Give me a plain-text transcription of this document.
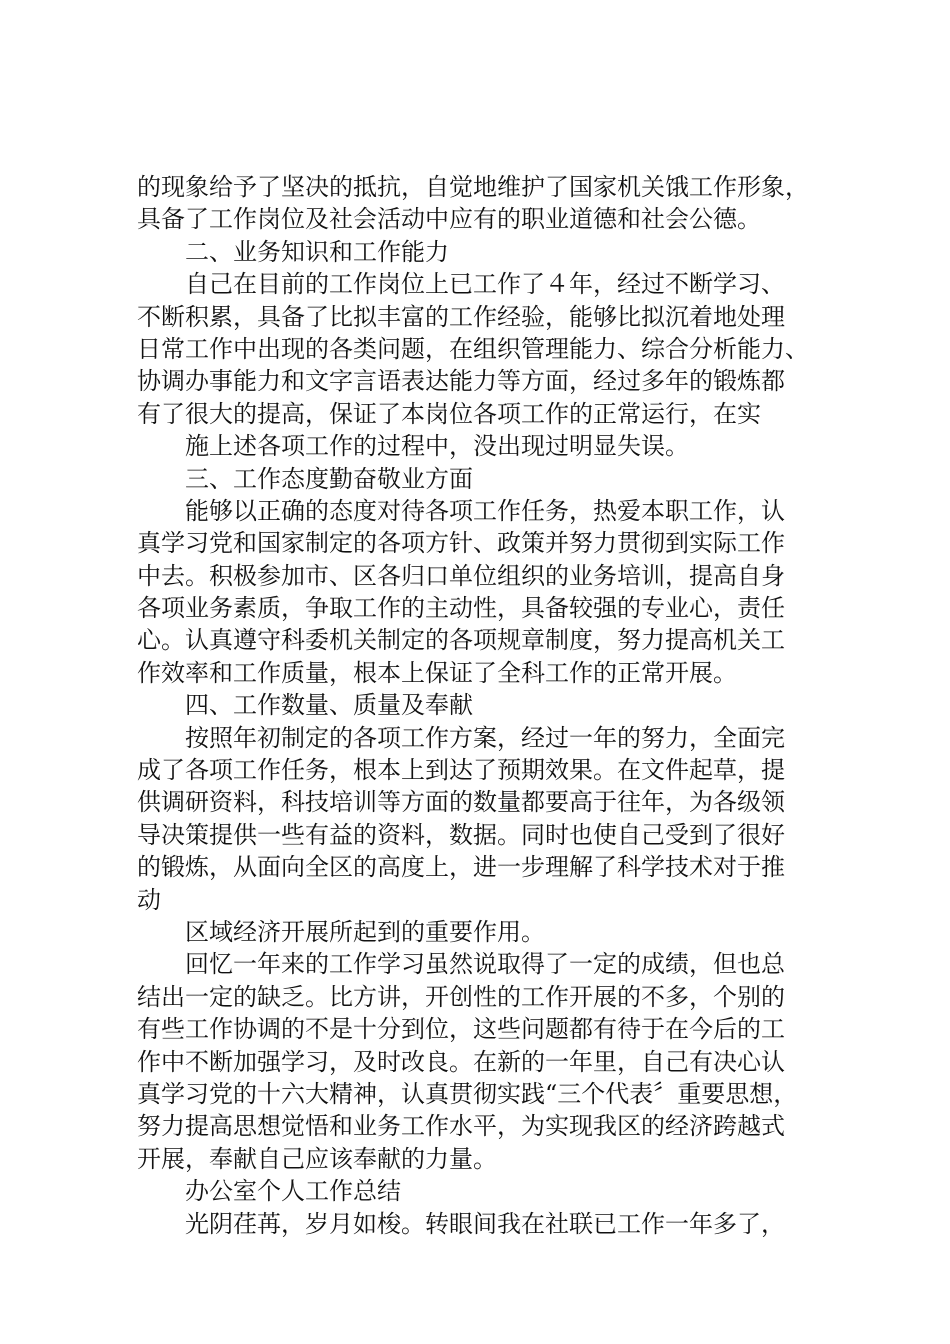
的现象给予了坚决的抵抗，自觉地维护了国家机关饿工作形象，
具备了工作岗位及社会活动中应有的职业道德和社会公德。
二、业务知识和工作能力
自己在目前的工作岗位上已工作了４年，经过不断学习、
不断积累，具备了比拟丰富的工作经验，能够比拟沉着地处理
日常工作中出现的各类问题，在组织管理能力、综合分析能力、
协调办事能力和文字言语表达能力等方面，经过多年的锻炼都
有了很大的提高，保证了本岗位各项工作的正常运行，在实
施上述各项工作的过程中，没出现过明显失误。
三、工作态度勤奋敬业方面
能够以正确的态度对待各项工作任务，热爱本职工作，认
真学习党和国家制定的各项方针、政策并努力贯彻到实际工作
中去。积极参加市、区各归口单位组织的业务培训，提高自身
各项业务素质，争取工作的主动性，具备较强的专业心，责任
心。认真遵守科委机关制定的各项规章制度，努力提高机关工
作效率和工作质量，根本上保证了全科工作的正常开展。
四、工作数量、质量及奉献
按照年初制定的各项工作方案，经过一年的努力，全面完
成了各项工作任务，根本上到达了预期效果。在文件起草，提
供调研资料，科技培训等方面的数量都要高于往年，为各级领
导决策提供一些有益的资料，数据。同时也使自己受到了很好
的锻炼，从面向全区的高度上，进一步理解了科学技术对于推
动
区域经济开展所起到的重要作用。
回忆一年来的工作学习虽然说取得了一定的成绩，但也总
结出一定的缺乏。比方讲，开创性的工作开展的不多，个别的
有些工作协调的不是十分到位，这些问题都有待于在今后的工
作中不断加强学习，及时改良。在新的一年里，自己有决心认
真学习党的十六大精神，认真贯彻实践“三个代表〞重要思想，
努力提高思想觉悟和业务工作水平，为实现我区的经济跨越式
开展，奉献自己应该奉献的力量。
办公室个人工作总结
光阴荏苒，岁月如梭。转眼间我在社联已工作一年多了，
